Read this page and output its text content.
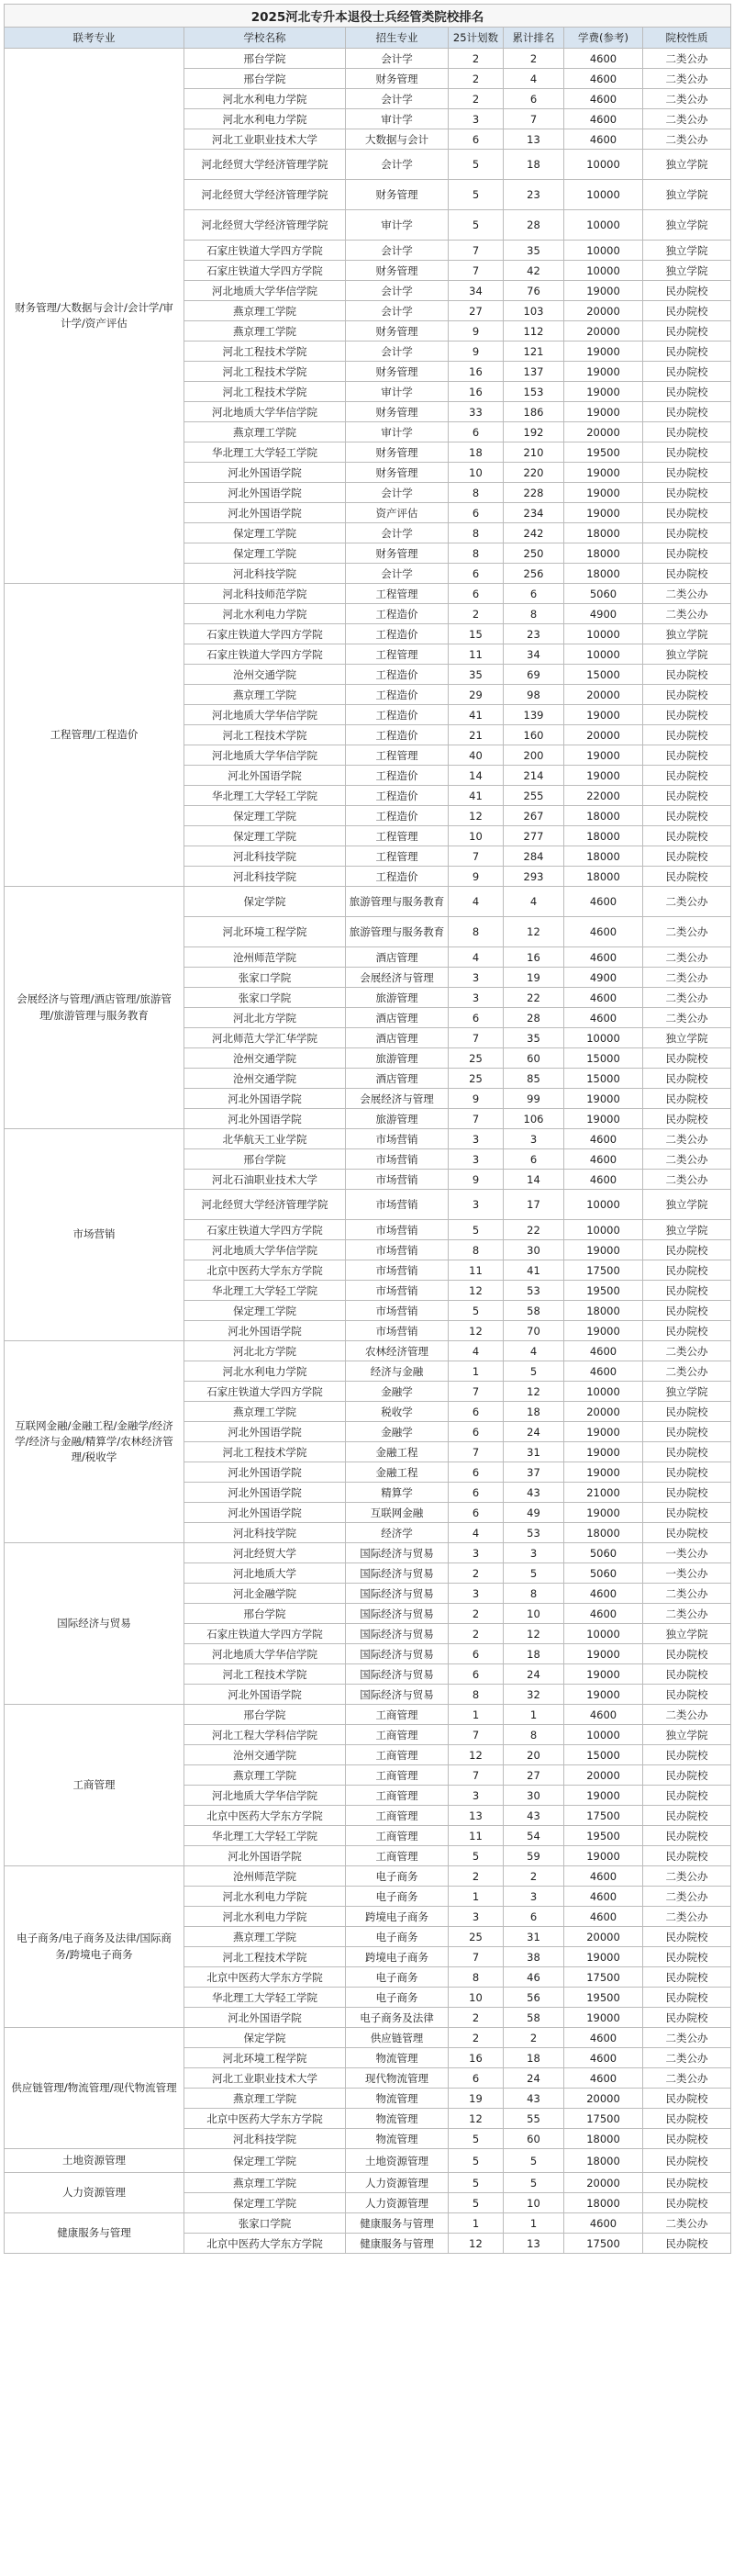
2025河北专升本退役士兵经管类院校排名						
联考专业	学校名称	招生专业	25计划数	累计排名	学费(参考)	院校性质
财务管理/大数据与会计/会计学/审计学/资产评估	邢台学院	会计学	2	2	4600	二类公办
	邢台学院	财务管理	2	4	4600	二类公办
	河北水利电力学院	会计学	2	6	4600	二类公办
	河北水利电力学院	审计学	3	7	4600	二类公办
	河北工业职业技术大学	大数据与会计	6	13	4600	二类公办
	河北经贸大学经济管理学院	会计学	5	18	10000	独立学院
	河北经贸大学经济管理学院	财务管理	5	23	10000	独立学院
	河北经贸大学经济管理学院	审计学	5	28	10000	独立学院
	石家庄铁道大学四方学院	会计学	7	35	10000	独立学院
	石家庄铁道大学四方学院	财务管理	7	42	10000	独立学院
	河北地质大学华信学院	会计学	34	76	19000	民办院校
	燕京理工学院	会计学	27	103	20000	民办院校
	燕京理工学院	财务管理	9	112	20000	民办院校
	河北工程技术学院	会计学	9	121	19000	民办院校
	河北工程技术学院	财务管理	16	137	19000	民办院校
	河北工程技术学院	审计学	16	153	19000	民办院校
	河北地质大学华信学院	财务管理	33	186	19000	民办院校
	燕京理工学院	审计学	6	192	20000	民办院校
	华北理工大学轻工学院	财务管理	18	210	19500	民办院校
	河北外国语学院	财务管理	10	220	19000	民办院校
	河北外国语学院	会计学	8	228	19000	民办院校
	河北外国语学院	资产评估	6	234	19000	民办院校
	保定理工学院	会计学	8	242	18000	民办院校
	保定理工学院	财务管理	8	250	18000	民办院校
	河北科技学院	会计学	6	256	18000	民办院校
工程管理/工程造价	河北科技师范学院	工程管理	6	6	5060	二类公办
	河北水利电力学院	工程造价	2	8	4900	二类公办
	石家庄铁道大学四方学院	工程造价	15	23	10000	独立学院
	石家庄铁道大学四方学院	工程管理	11	34	10000	独立学院
	沧州交通学院	工程造价	35	69	15000	民办院校
	燕京理工学院	工程造价	29	98	20000	民办院校
	河北地质大学华信学院	工程造价	41	139	19000	民办院校
	河北工程技术学院	工程造价	21	160	20000	民办院校
	河北地质大学华信学院	工程管理	40	200	19000	民办院校
	河北外国语学院	工程造价	14	214	19000	民办院校
	华北理工大学轻工学院	工程造价	41	255	22000	民办院校
	保定理工学院	工程造价	12	267	18000	民办院校
	保定理工学院	工程管理	10	277	18000	民办院校
	河北科技学院	工程管理	7	284	18000	民办院校
	河北科技学院	工程造价	9	293	18000	民办院校
会展经济与管理/酒店管理/旅游管理/旅游管理与服务教育	保定学院	旅游管理与服务教育	4	4	4600	二类公办
	河北环境工程学院	旅游管理与服务教育	8	12	4600	二类公办
	沧州师范学院	酒店管理	4	16	4600	二类公办
	张家口学院	会展经济与管理	3	19	4900	二类公办
	张家口学院	旅游管理	3	22	4600	二类公办
	河北北方学院	酒店管理	6	28	4600	二类公办
	河北师范大学汇华学院	酒店管理	7	35	10000	独立学院
	沧州交通学院	旅游管理	25	60	15000	民办院校
	沧州交通学院	酒店管理	25	85	15000	民办院校
	河北外国语学院	会展经济与管理	9	99	19000	民办院校
	河北外国语学院	旅游管理	7	106	19000	民办院校
市场营销	北华航天工业学院	市场营销	3	3	4600	二类公办
	邢台学院	市场营销	3	6	4600	二类公办
	河北石油职业技术大学	市场营销	9	14	4600	二类公办
	河北经贸大学经济管理学院	市场营销	3	17	10000	独立学院
	石家庄铁道大学四方学院	市场营销	5	22	10000	独立学院
	河北地质大学华信学院	市场营销	8	30	19000	民办院校
	北京中医药大学东方学院	市场营销	11	41	17500	民办院校
	华北理工大学轻工学院	市场营销	12	53	19500	民办院校
	保定理工学院	市场营销	5	58	18000	民办院校
	河北外国语学院	市场营销	12	70	19000	民办院校
互联网金融/金融工程/金融学/经济学/经济与金融/精算学/农林经济管理/税收学	河北北方学院	农林经济管理	4	4	4600	二类公办
	河北水利电力学院	经济与金融	1	5	4600	二类公办
	石家庄铁道大学四方学院	金融学	7	12	10000	独立学院
	燕京理工学院	税收学	6	18	20000	民办院校
	河北外国语学院	金融学	6	24	19000	民办院校
	河北工程技术学院	金融工程	7	31	19000	民办院校
	河北外国语学院	金融工程	6	37	19000	民办院校
	河北外国语学院	精算学	6	43	21000	民办院校
	河北外国语学院	互联网金融	6	49	19000	民办院校
	河北科技学院	经济学	4	53	18000	民办院校
国际经济与贸易	河北经贸大学	国际经济与贸易	3	3	5060	一类公办
	河北地质大学	国际经济与贸易	2	5	5060	一类公办
	河北金融学院	国际经济与贸易	3	8	4600	二类公办
	邢台学院	国际经济与贸易	2	10	4600	二类公办
	石家庄铁道大学四方学院	国际经济与贸易	2	12	10000	独立学院
	河北地质大学华信学院	国际经济与贸易	6	18	19000	民办院校
	河北工程技术学院	国际经济与贸易	6	24	19000	民办院校
	河北外国语学院	国际经济与贸易	8	32	19000	民办院校
工商管理	邢台学院	工商管理	1	1	4600	二类公办
	河北工程大学科信学院	工商管理	7	8	10000	独立学院
	沧州交通学院	工商管理	12	20	15000	民办院校
	燕京理工学院	工商管理	7	27	20000	民办院校
	河北地质大学华信学院	工商管理	3	30	19000	民办院校
	北京中医药大学东方学院	工商管理	13	43	17500	民办院校
	华北理工大学轻工学院	工商管理	11	54	19500	民办院校
	河北外国语学院	工商管理	5	59	19000	民办院校
电子商务/电子商务及法律/国际商务/跨境电子商务	沧州师范学院	电子商务	2	2	4600	二类公办
	河北水利电力学院	电子商务	1	3	4600	二类公办
	河北水利电力学院	跨境电子商务	3	6	4600	二类公办
	燕京理工学院	电子商务	25	31	20000	民办院校
	河北工程技术学院	跨境电子商务	7	38	19000	民办院校
	北京中医药大学东方学院	电子商务	8	46	17500	民办院校
	华北理工大学轻工学院	电子商务	10	56	19500	民办院校
	河北外国语学院	电子商务及法律	2	58	19000	民办院校
供应链管理/物流管理/现代物流管理	保定学院	供应链管理	2	2	4600	二类公办
	河北环境工程学院	物流管理	16	18	4600	二类公办
	河北工业职业技术大学	现代物流管理	6	24	4600	二类公办
	燕京理工学院	物流管理	19	43	20000	民办院校
	北京中医药大学东方学院	物流管理	12	55	17500	民办院校
	河北科技学院	物流管理	5	60	18000	民办院校
土地资源管理	保定理工学院	土地资源管理	5	5	18000	民办院校
人力资源管理	燕京理工学院	人力资源管理	5	5	20000	民办院校
	保定理工学院	人力资源管理	5	10	18000	民办院校
健康服务与管理	张家口学院	健康服务与管理	1	1	4600	二类公办
	北京中医药大学东方学院	健康服务与管理	12	13	17500	民办院校
